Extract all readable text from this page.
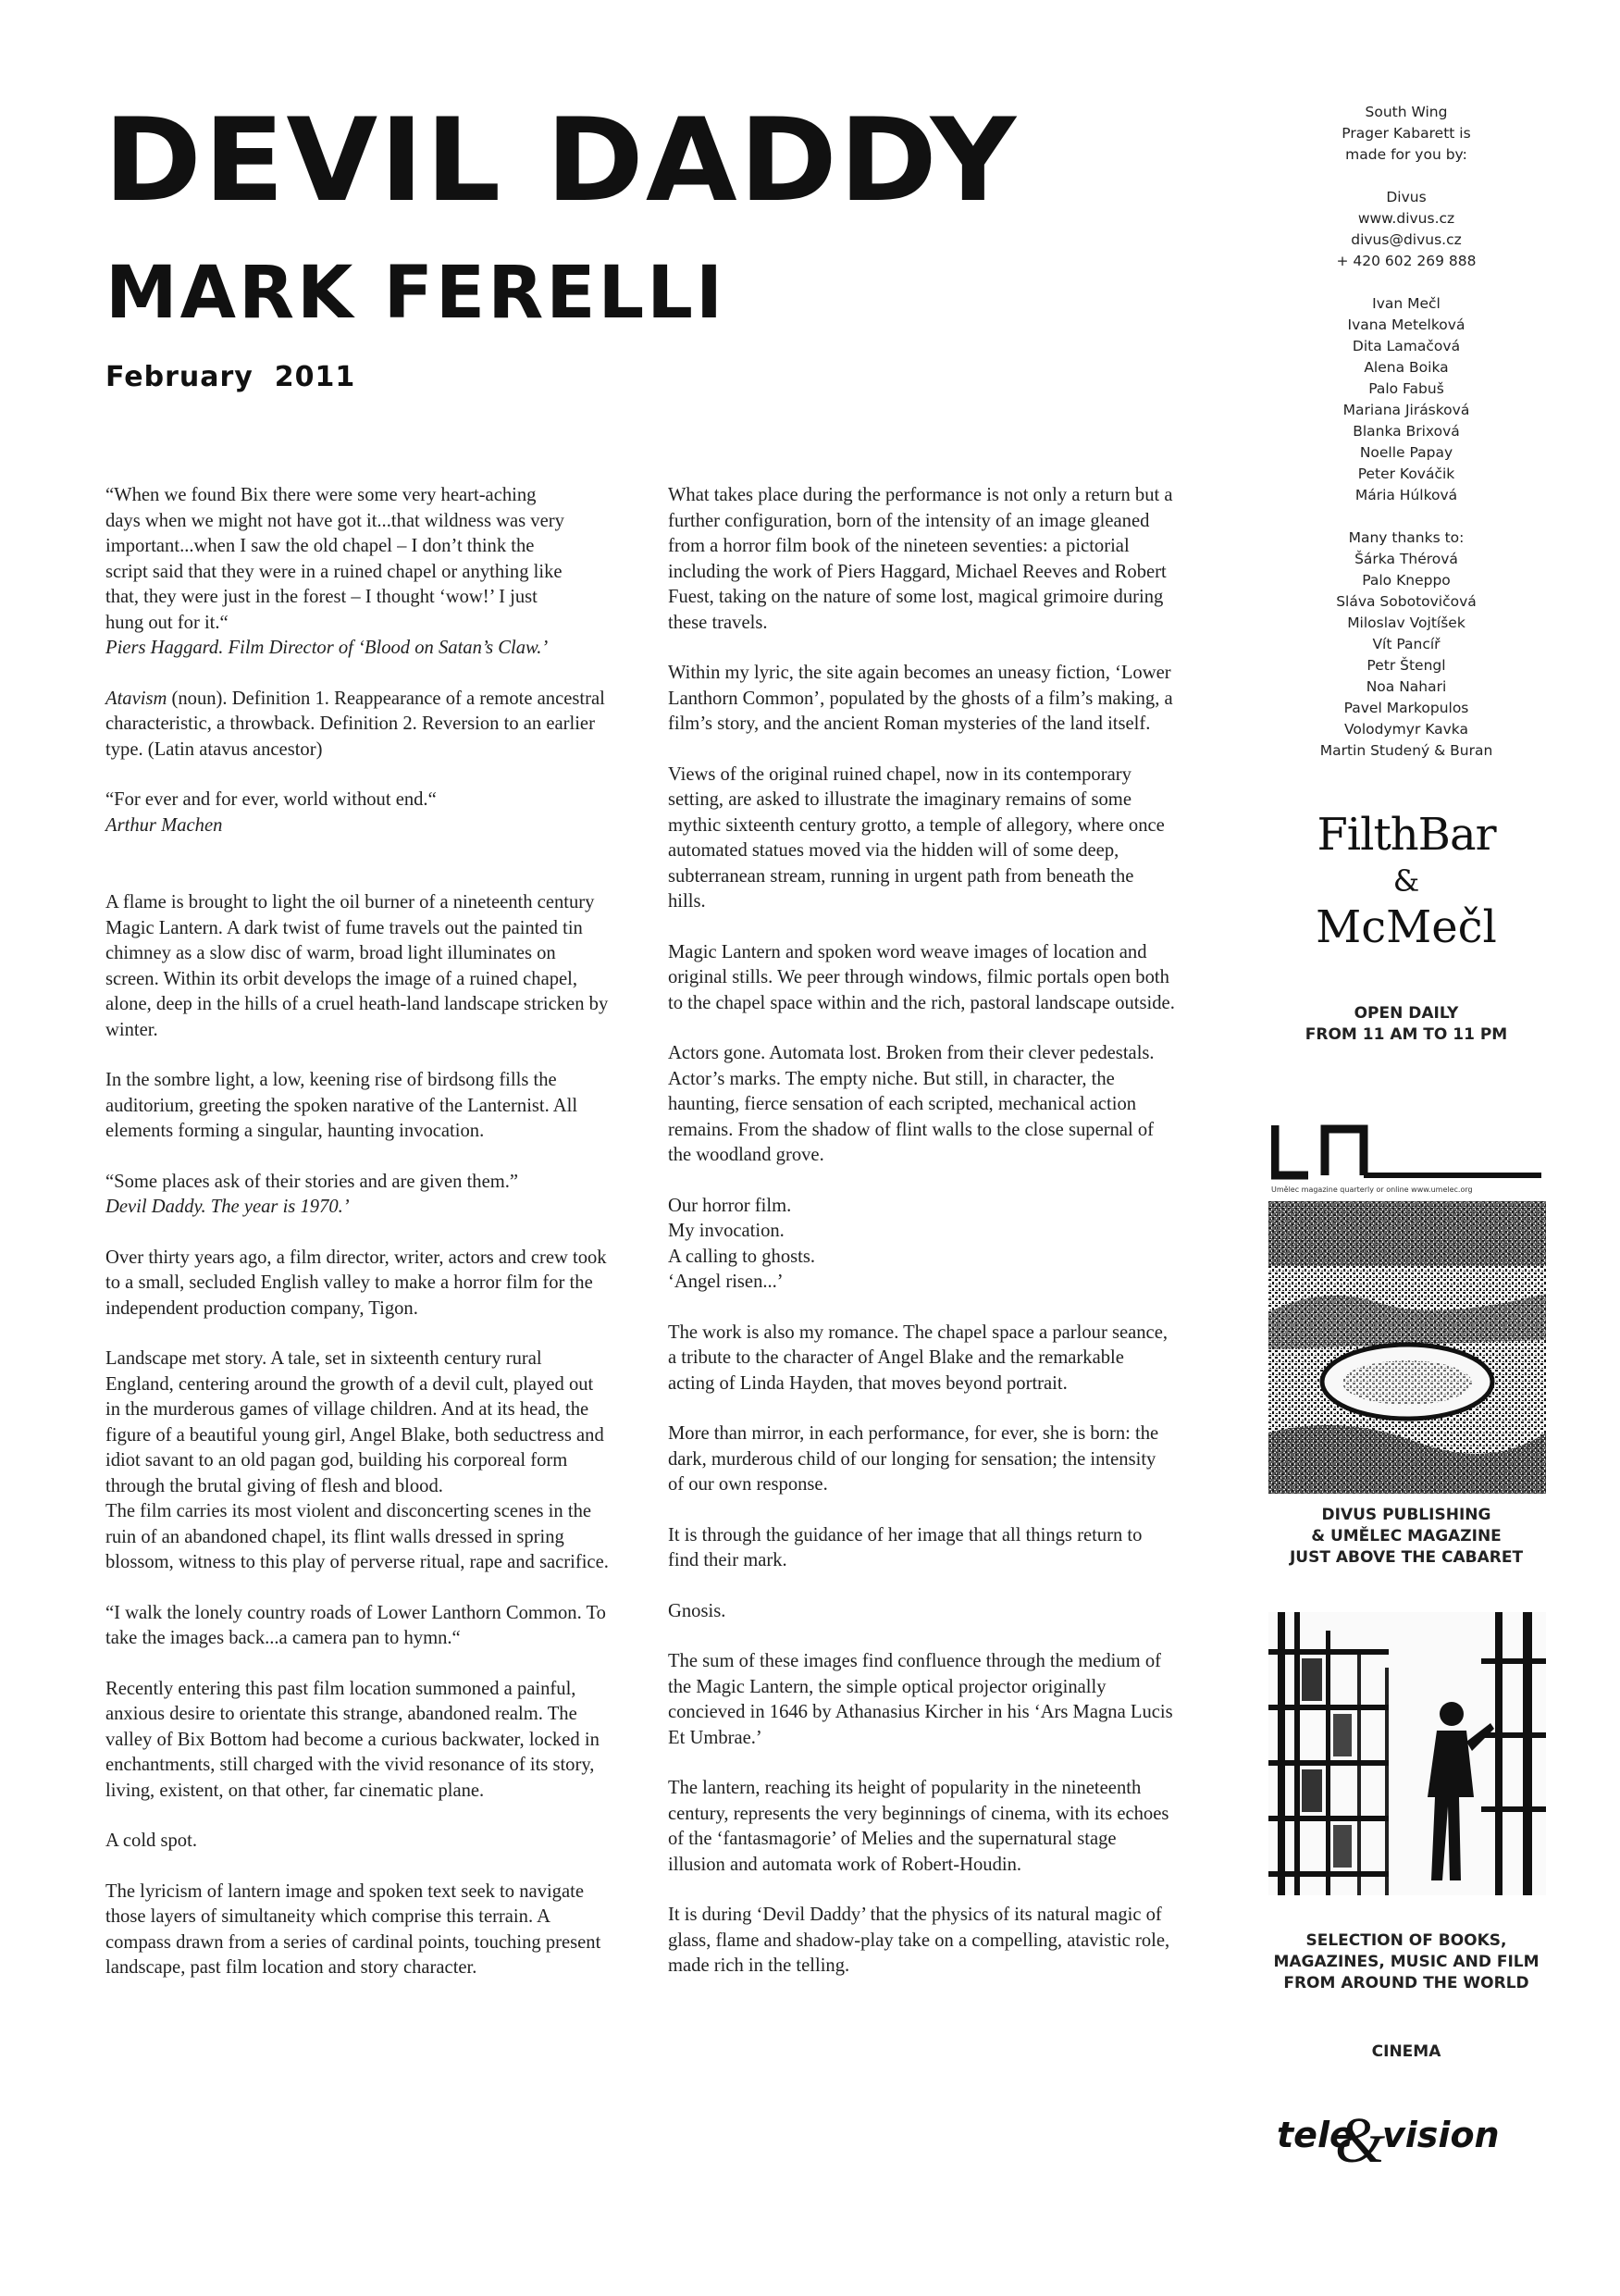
DEVIL DADDY
MARK FERELLI
February  2011

“When we found Bix there were some very heart-aching
days when we might not have got it...that wildness was very
important...when I saw the old chapel – I don’t think the
script said that they were in a ruined chapel or anything like
that, they were just in the forest – I thought ‘wow!’ I just
hung out for it.“
Piers Haggard. Film Director of ‘Blood on Satan’s Claw.’

Atavism (noun). Definition 1. Reappearance of a remote ancestral characteristic, a throwback. Definition 2. Reversion to an earlier type. (Latin atavus ancestor)

“For ever and for ever, world without end.“
Arthur Machen

A flame is brought to light the oil burner of a nineteenth century Magic Lantern. A dark twist of fume travels out the painted tin chimney as a slow disc of warm, broad light illuminates on screen. Within its orbit develops the image of a ruined chapel, alone, deep in the hills of a cruel heath-land landscape stricken by winter.

In the sombre light, a low, keening rise of birdsong fills the auditorium, greeting the spoken narative of the Lanternist. All elements forming a singular, haunting invocation.

“Some places ask of their stories and are given them.”
Devil Daddy. The year is 1970.’

Over thirty years ago, a film director, writer, actors and crew took to a small, secluded English valley to make a horror film for the independent production company, Tigon.

Landscape met story. A tale, set in sixteenth century rural England, centering around the growth of a devil cult, played out in the murderous games of village children. And at its head, the figure of a beautiful young girl, Angel Blake, both seductress and idiot savant to an old pagan god, building his corporeal form through the brutal giving of flesh and blood.

The film carries its most violent and disconcerting scenes in the ruin of an abandoned chapel, its flint walls dressed in spring blossom, witness to this play of perverse ritual, rape and sacrifice.

“I walk the lonely country roads of Lower Lanthorn Common. To take the images back...a camera pan to hymn.“

Recently entering this past film location summoned a painful, anxious desire to orientate this strange, abandoned realm. The valley of Bix Bottom had become a curious backwater, locked in enchantments, still charged with the vivid resonance of its story, living, existent, on that other, far cinematic plane.

A cold spot.

The lyricism of lantern image and spoken text seek to navigate those layers of simultaneity which comprise this terrain. A compass drawn from a series of cardinal points, touching present landscape, past film location and story character.

What takes place during the performance is not only a return but a further configuration, born of the intensity of an image gleaned from a horror film book of the nineteen seventies: a pictorial including the work of Piers Haggard, Michael Reeves and Robert Fuest, taking on the nature of some lost, magical grimoire during these travels.

Within my lyric, the site again becomes an uneasy fiction, ‘Lower Lanthorn Common’, populated by the ghosts of a film’s making, a film’s story, and the ancient Roman mysteries of the land itself.

Views of the original ruined chapel, now in its contemporary setting, are asked to illustrate the imaginary remains of some mythic sixteenth century grotto, a temple of allegory, where once automated statues moved via the hidden will of some deep, subterranean stream, running in urgent path from beneath the hills.

Magic Lantern and spoken word weave images of location and original stills. We peer through windows, filmic portals open both to the chapel space within and the rich, pastoral landscape outside.

Actors gone. Automata lost. Broken from their clever pedestals. Actor’s marks. The empty niche. But still, in character, the haunting, fierce sensation of each scripted, mechanical action remains. From the shadow of flint walls to the close supernal of the woodland grove.

Our horror film.
My invocation.
A calling to ghosts.
‘Angel risen...’

The work is also my romance. The chapel space a parlour seance, a tribute to the character of Angel Blake and the remarkable acting of Linda Hayden, that moves beyond portrait.

More than mirror, in each performance, for ever, she is born: the dark, murderous child of our longing for sensation; the intensity of our own response.

It is through the guidance of her image that all things return to find their mark.

Gnosis.

The sum of these images find confluence through the medium of the Magic Lantern, the simple optical projector originally concieved in 1646 by Athanasius Kircher in his ‘Ars Magna Lucis Et Umbrae.’

The lantern, reaching its height of popularity in the nineteenth century, represents the very beginnings of cinema, with its echoes of the ‘fantasmagorie’ of Melies and the supernatural stage illusion and automata work of Robert-Houdin.

It is during ‘Devil Daddy’ that the physics of its natural magic of glass, flame and shadow-play take on a compelling, atavistic role, made rich in the telling.

South Wing
Prager Kabarett is
made for you by:
Divus
www.divus.cz
divus@divus.cz
+ 420 602 269 888
Ivan Mečl
Ivana Metelková
Dita Lamačová
Alena Boika
Palo Fabuš
Mariana Jirásková
Blanka Brixová
Noelle Papay
Peter Kováčik
Mária Húlková
Many thanks to:
Šárka Thérová
Palo Kneppo
Sláva Sobotovičová
Miloslav Vojtíšek
Vít Pancíř
Petr Štengl
Noa Nahari
Pavel Markopulos
Volodymyr Kavka
Martin Studený & Buran
FilthBar
&
McMečl
OPEN DAILY
FROM 11 AM TO 11 PM
Umělec magazine quarterly or online www.umelec.org
DIVUS PUBLISHING
& UMĚLEC MAGAZINE
JUST ABOVE THE CABARET
SELECTION OF BOOKS,
MAGAZINES, MUSIC AND FILM
FROM AROUND THE WORLD
CINEMA
&
tele vision
